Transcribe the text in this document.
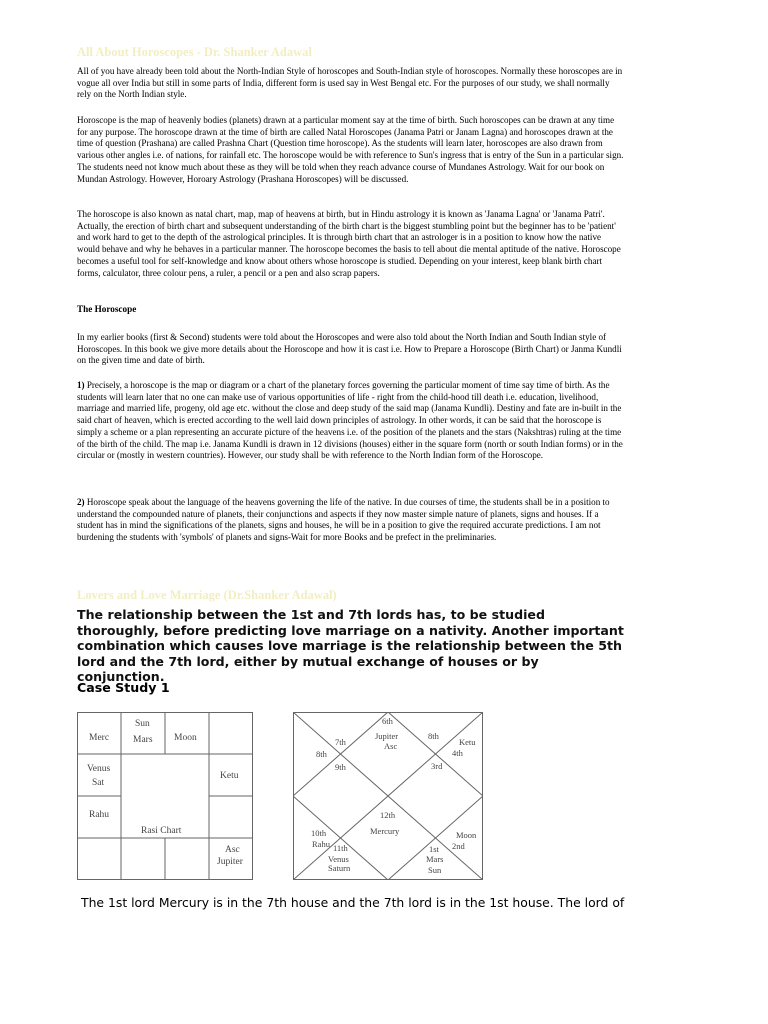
All About Horoscopes - Dr. Shanker Adawal

All of you have already been told about the North-Indian Style of horoscopes and South-Indian style of horoscopes. Normally these horoscopes are in vogue all over India but still in some parts of India, different form is used say in West Bengal etc. For the purposes of our study, we shall normally rely on the North Indian style.

Horoscope is the map of heavenly bodies (planets) drawn at a particular moment say at the time of birth. Such horoscopes can be drawn at any time for any purpose. The horoscope drawn at the time of birth are called Natal Horoscopes (Janama Patri or Janam Lagna) and horoscopes drawn at the time of question (Prashana) are called Prashna Chart (Question time horoscope). As the students will learn later, horoscopes are also drawn from various other angles i.e. of nations, for rainfall etc. The horoscope would be with reference to Sun's ingress that is entry of the Sun in a particular sign. The students need not know much about these as they will be told when they reach advance course of Mundanes Astrology. Wait for our book on Mundan Astrology. However, Horoary Astrology (Prashana Horoscopes) will be discussed.

The horoscope is also known as natal chart, map, map of heavens at birth, but in Hindu astrology it is known as 'Janama Lagna' or 'Janama Patri'. Actually, the erection of birth chart and subsequent understanding of the birth chart is the biggest stumbling point but the beginner has to be 'patient' and work hard to get to the depth of the astrological principles. It is through birth chart that an astrologer is in a position to know how the native would behave and why he behaves in a particular manner. The horoscope becomes the basis to tell about die mental aptitude of the native. Horoscope becomes a useful tool for self-knowledge and know about others whose horoscope is studied. Depending on your interest, keep blank birth chart forms, calculator, three colour pens, a ruler, a pencil or a pen and also scrap papers.

The Horoscope

In my earlier books (first & Second) students were told about the Horoscopes and were also told about the North Indian and South Indian style of Horoscopes. In this book we give more details about the Horoscope and how it is cast i.e. How to Prepare a Horoscope (Birth Chart) or Janma Kundli on the given time and date of birth.

1) Precisely, a horoscope is the map or diagram or a chart of the planetary forces governing the particular moment of time say time of birth. As the students will learn later that no one can make use of various opportunities of life - right from the child-hood till death i.e. education, livelihood, marriage and married life, progeny, old age etc. without the close and deep study of the said map (Janama Kundli). Destiny and fate are in-built in the said chart of heaven, which is erected according to the well laid down principles of astrology. In other words, it can be said that the horoscope is simply a scheme or a plan representing an accurate picture of the heavens i.e. of the position of the planets and the stars (Nakshtras) ruling at the time of the birth of the child. The map i.e. Janama Kundli is drawn in 12 divisions (houses) either in the square form (north or south Indian forms) or in the circular or (mostly in western countries). However, our study shall be with reference to the North Indian form of the Horoscope.

2) Horoscope speak about the language of the heavens governing the life of the native. In due courses of time, the students shall be in a position to understand the compounded nature of planets, their conjunctions and aspects if they now master simple nature of planets, signs and houses. If a student has in mind the significations of the planets, signs and houses, he will be in a position to give the required accurate predictions. I am not burdening the students with 'symbols' of planets and signs-Wait for more Books and be prefect in the preliminaries.

Lovers and Love Marriage (Dr.Shanker Adawal)

The relationship between the 1st and 7th lords has, to be studied thoroughly, before predicting love marriage on a nativity. Another important combination which causes love marriage is the relationship between the 5th lord and the 7th lord, either by mutual exchange of houses or by conjunction.

Case Study 1

Merc
Sun
Mars Moon
Venus
Sat
Ketu
Rahu
Rasi Chart
Asc
Jupiter
6th
Jupiter
Asc
7th
8th
8th
9th
Ketu
4th
3rd
12th
Mercury
10th
Rahu 11th
Venus
Saturn
Moon
2nd
1st
Mars
Sun

The 1st lord Mercury is in the 7th house and the 7th lord is in the 1st house. The lord of
